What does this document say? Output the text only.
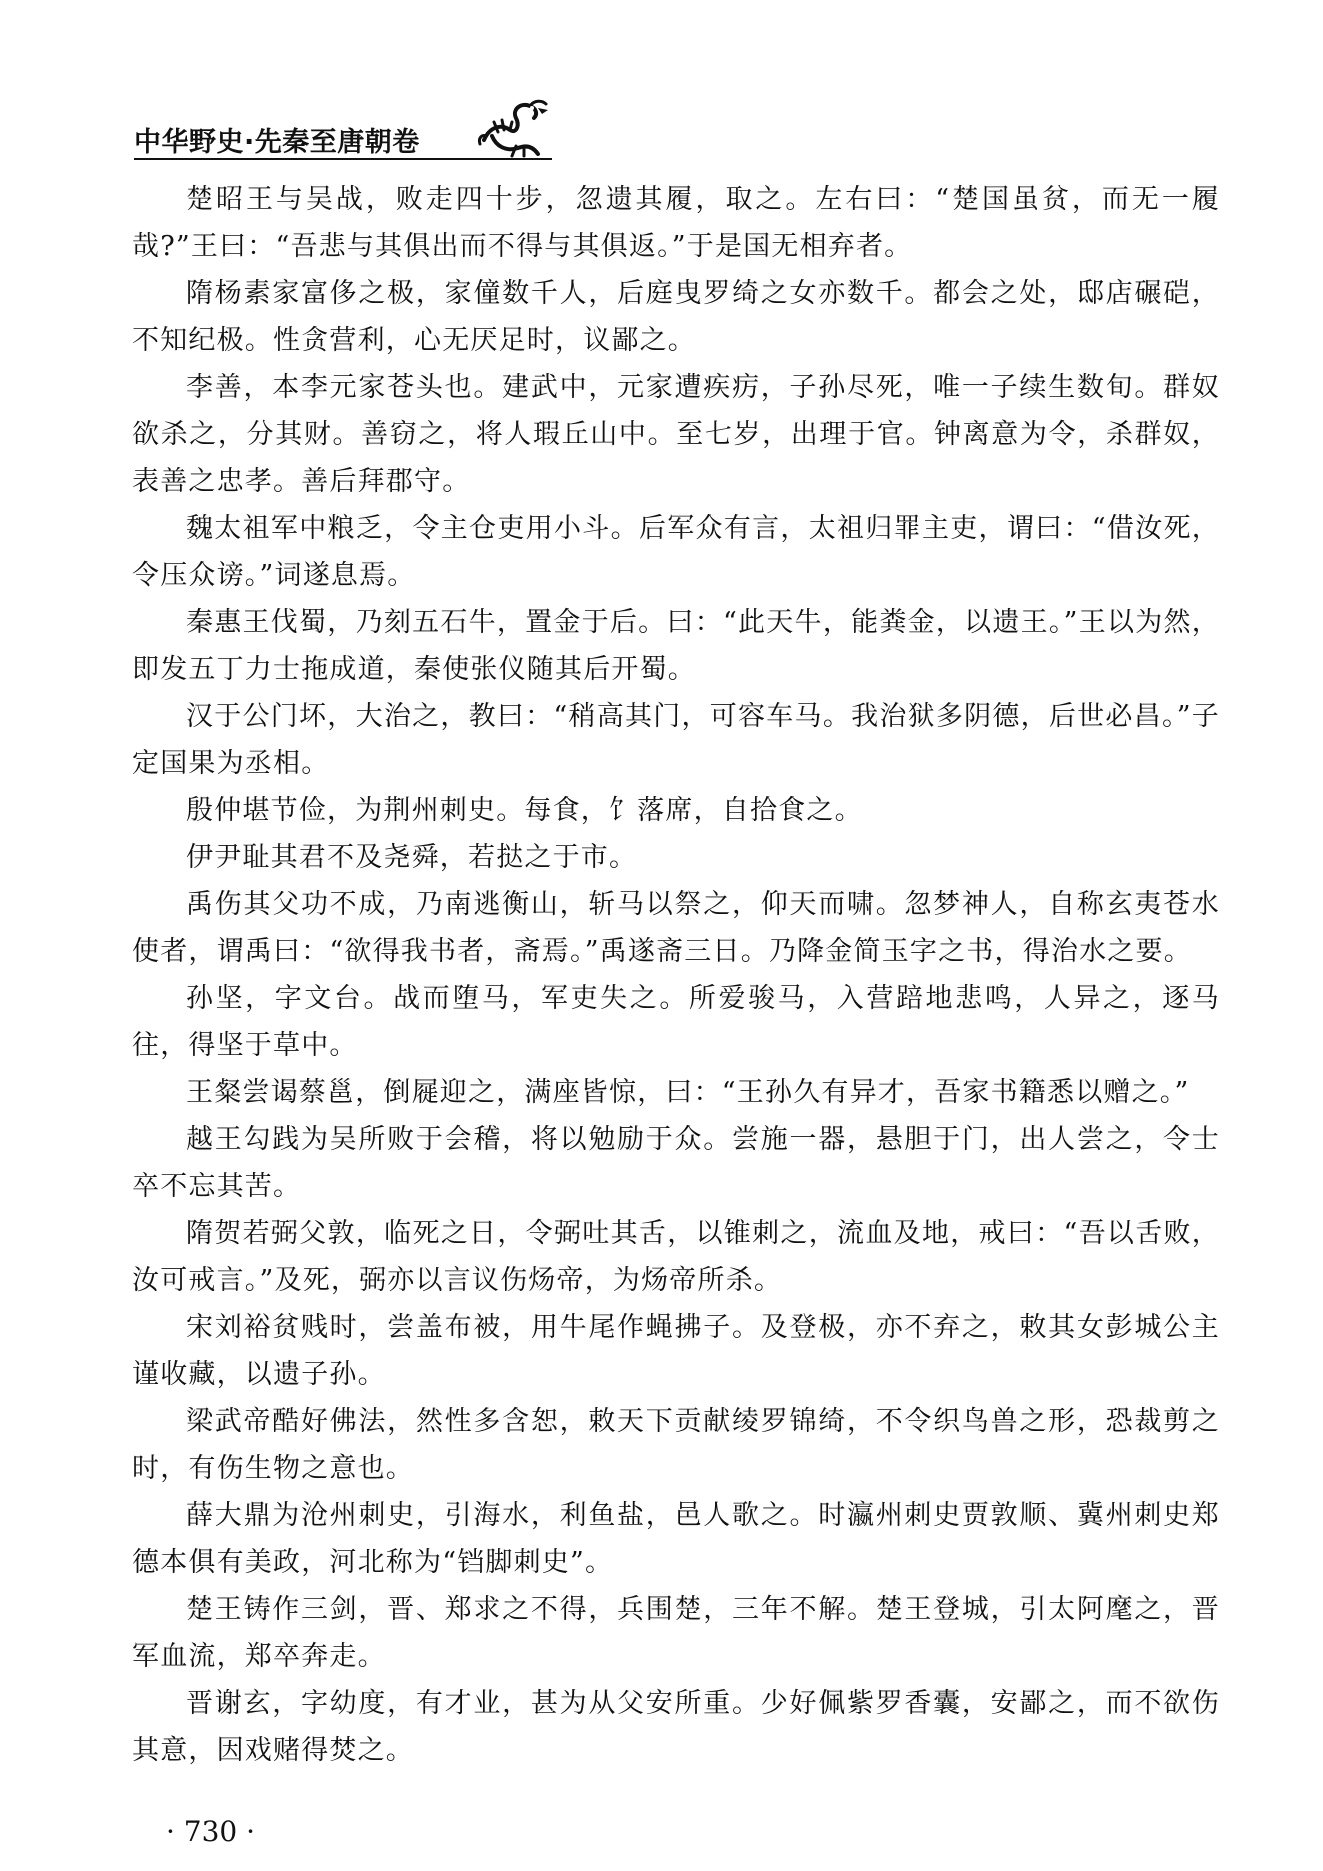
中华野史·先秦至唐朝卷

楚昭王与吴战，败走四十步，忽遗其履，取之。左右曰：“楚国虽贫，而无一履哉?”王曰：“吾悲与其俱出而不得与其俱返。”于是国无相弃者。

隋杨素家富侈之极，家僮数千人，后庭曳罗绮之女亦数千。都会之处，邸店碾硙，不知纪极。性贪营利，心无厌足时，议鄙之。

李善，本李元家苍头也。建武中，元家遭疾疠，子孙尽死，唯一子续生数旬。群奴欲杀之，分其财。善窃之，将人瑕丘山中。至七岁，出理于官。钟离意为令，杀群奴，表善之忠孝。善后拜郡守。

魏太祖军中粮乏，令主仓吏用小斗。后军众有言，太祖归罪主吏，谓曰：“借汝死，令压众谤。”词遂息焉。

秦惠王伐蜀，乃刻五石牛，置金于后。曰：“此天牛，能粪金，以遗王。”王以为然，即发五丁力士拖成道，秦使张仪随其后开蜀。

汉于公门坏，大治之，教曰：“稍高其门，可容车马。我治狱多阴德，后世必昌。”子定国果为丞相。

殷仲堪节俭，为荆州刺史。每食，饣落席，自拾食之。

伊尹耻其君不及尧舜，若挞之于市。

禹伤其父功不成，乃南逃衡山，斩马以祭之，仰天而啸。忽梦神人，自称玄夷苍水使者，谓禹曰：“欲得我书者，斋焉。”禹遂斋三日。乃降金简玉字之书，得治水之要。

孙坚，字文台。战而堕马，军吏失之。所爱骏马，入营踣地悲鸣，人异之，逐马往，得坚于草中。

王粲尝谒蔡邕，倒屣迎之，满座皆惊，曰：“王孙久有异才，吾家书籍悉以赠之。”

越王勾践为吴所败于会稽，将以勉励于众。尝施一器，悬胆于门，出人尝之，令士卒不忘其苦。

隋贺若弼父敦，临死之日，令弼吐其舌，以锥刺之，流血及地，戒曰：“吾以舌败，汝可戒言。”及死，弼亦以言议伤炀帝，为炀帝所杀。

宋刘裕贫贱时，尝盖布被，用牛尾作蝇拂子。及登极，亦不弃之，敕其女彭城公主谨收藏，以遗子孙。

梁武帝酷好佛法，然性多含恕，敕天下贡献绫罗锦绮，不令织鸟兽之形，恐裁剪之时，有伤生物之意也。

薛大鼎为沧州刺史，引海水，利鱼盐，邑人歌之。时瀛州刺史贾敦顺、冀州刺史郑德本俱有美政，河北称为“铛脚刺史”。

楚王铸作三剑，晋、郑求之不得，兵围楚，三年不解。楚王登城，引太阿麾之，晋军血流，郑卒奔走。

晋谢玄，字幼度，有才业，甚为从父安所重。少好佩紫罗香囊，安鄙之，而不欲伤其意，因戏赌得焚之。

· 730 ·
